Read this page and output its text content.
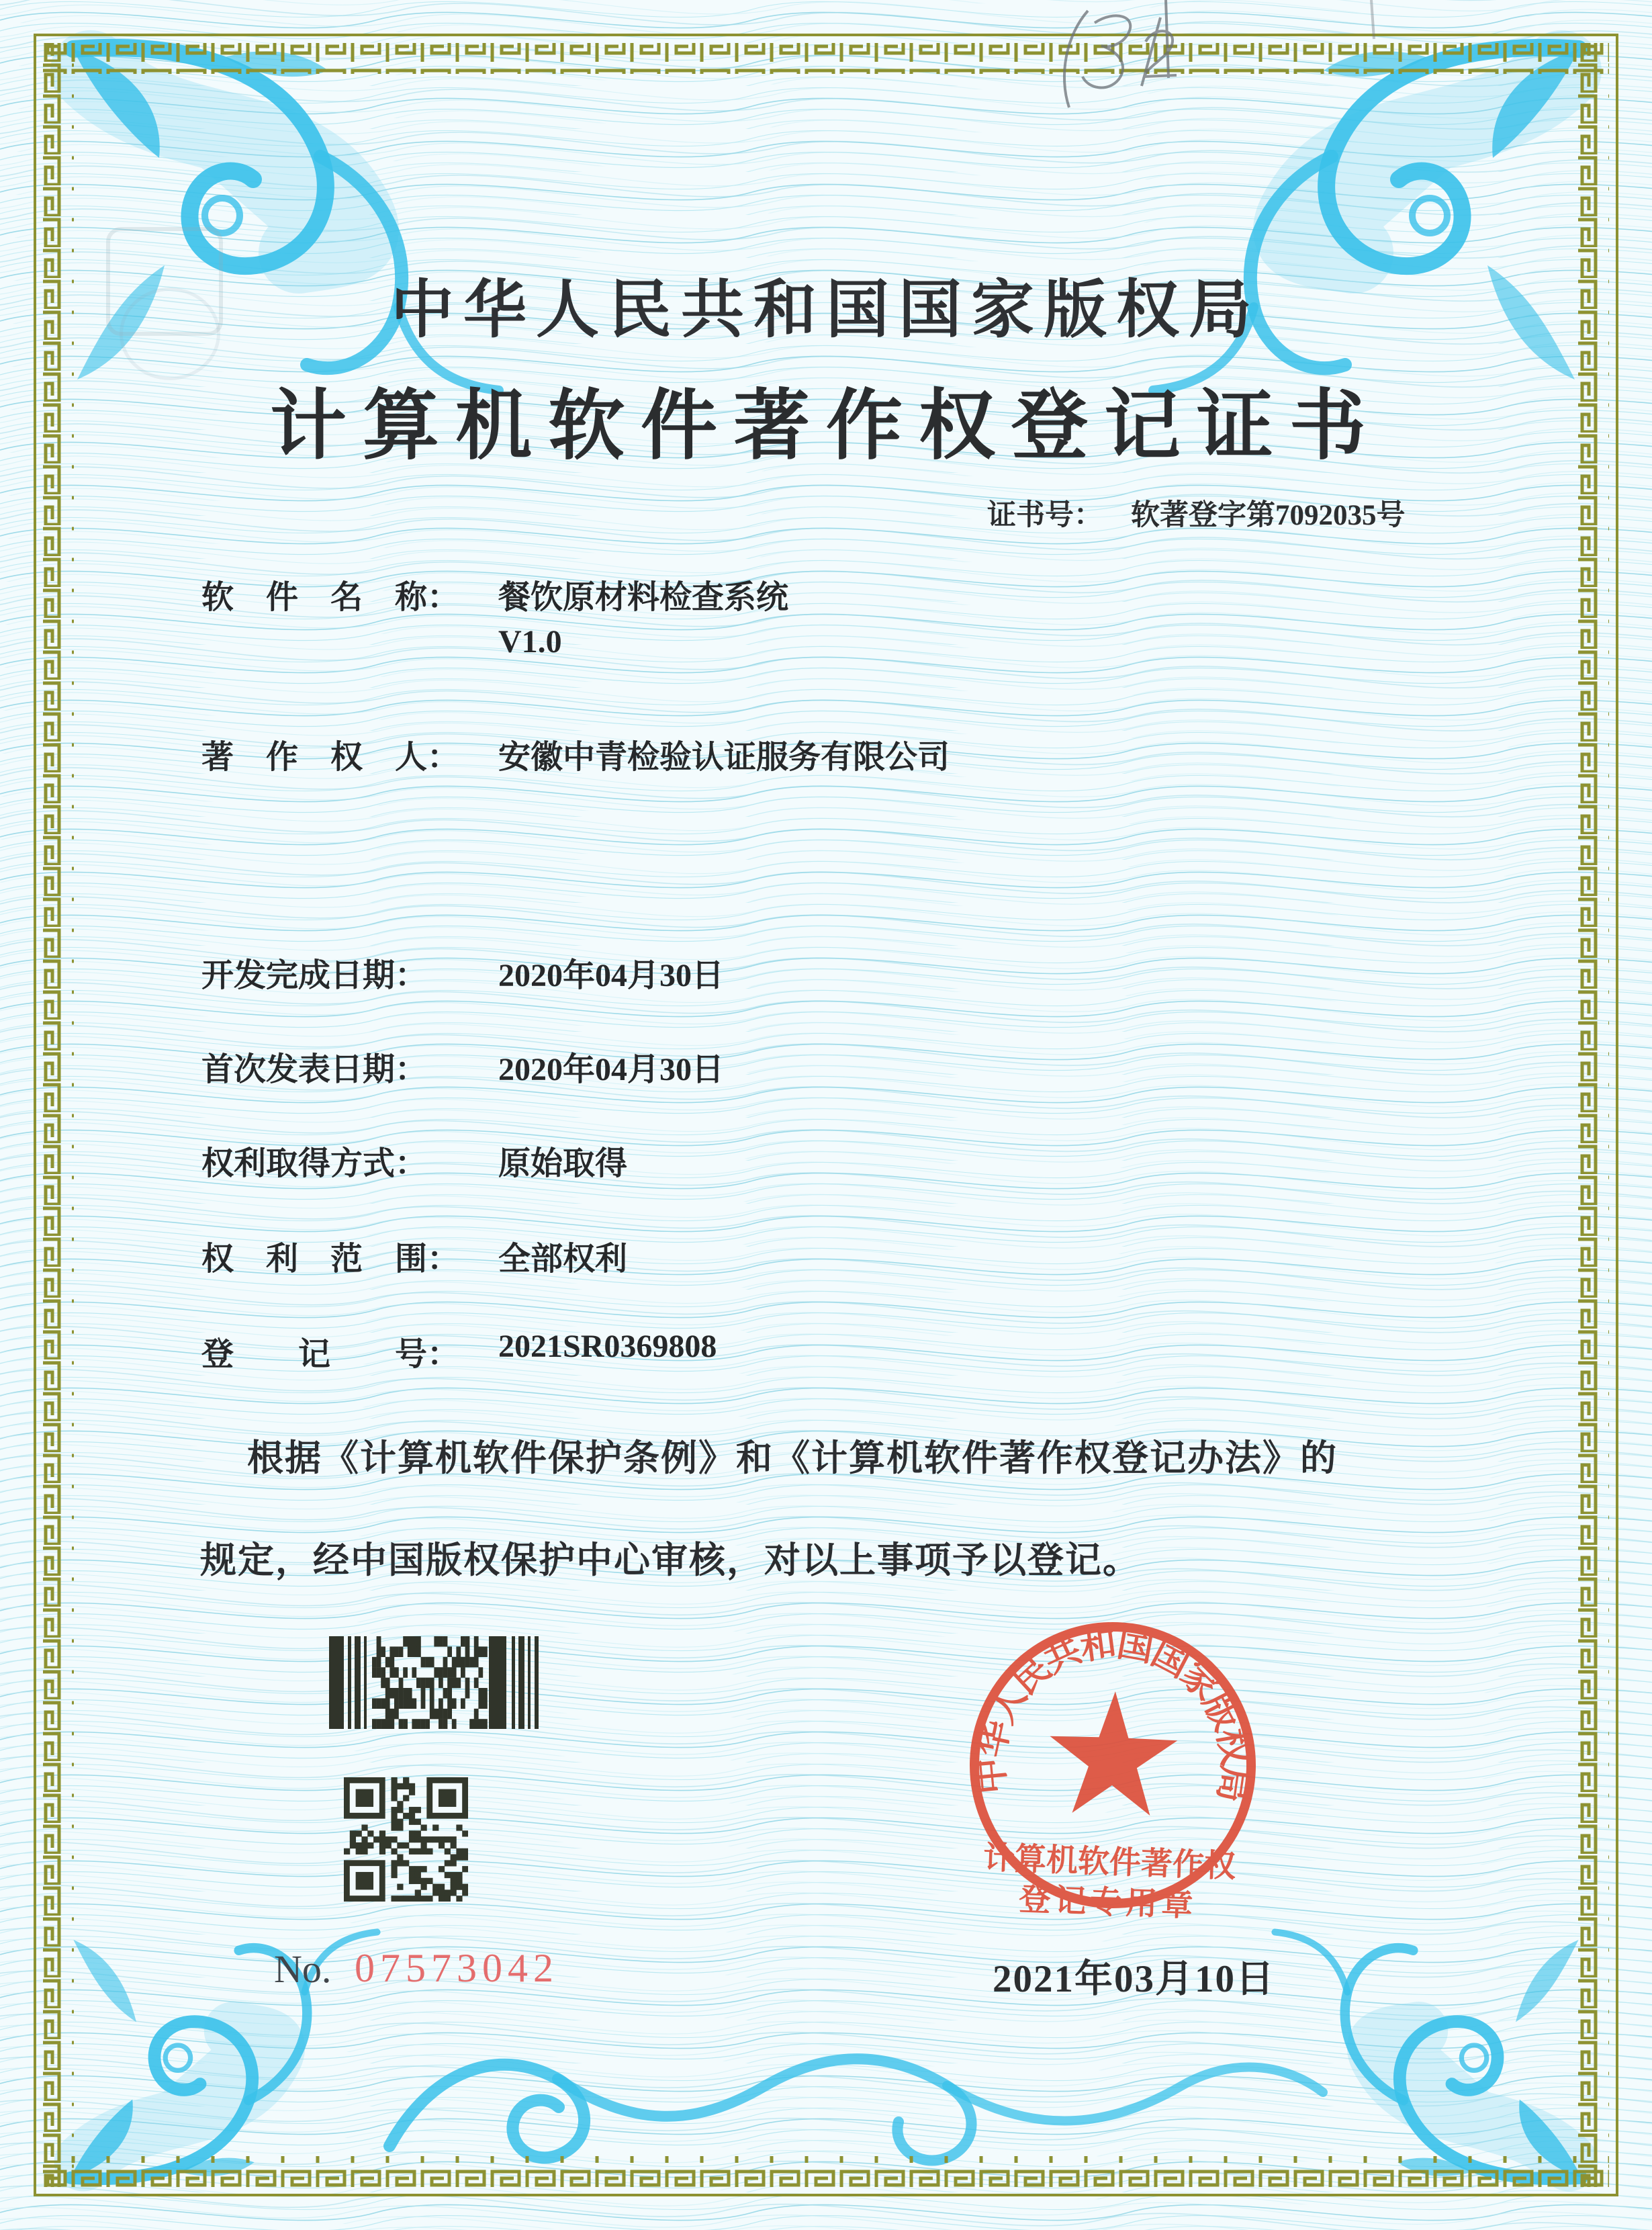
中华人民共和国国家版权局
计算机软件著作权登记证书
证书号： 软著登字第7092035号
软　件　名　称： 餐饮原材料检查系统
V1.0
著　作　权　人： 安徽中青检验认证服务有限公司
开发完成日期： 2020年04月30日
首次发表日期： 2020年04月30日
权利取得方式： 原始取得
权　利　范　围： 全部权利
登　　记　　号： 2021SR0369808
根据《计算机软件保护条例》和《计算机软件著作权登记办法》的
规定，经中国版权保护中心审核，对以上事项予以登记。
No. 07573042
中华人民共和国国家版权局
计算机软件著作权
登记专用章
2021年03月10日
